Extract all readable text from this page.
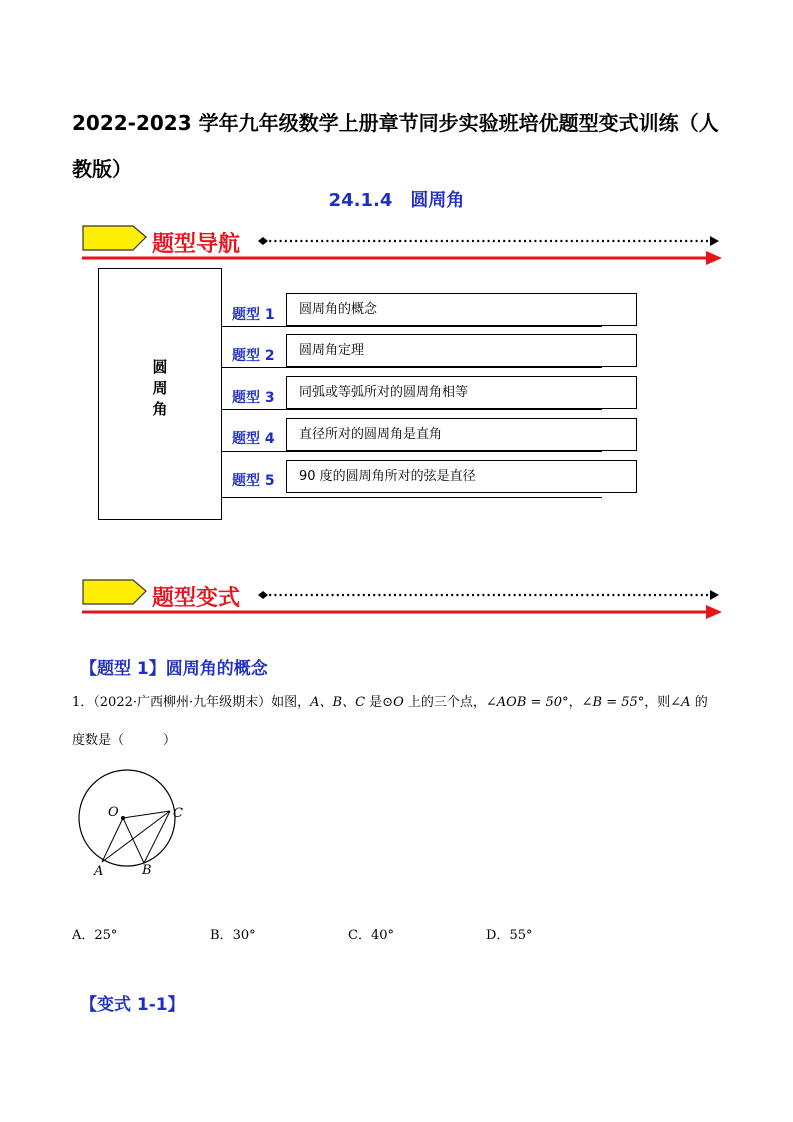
2022-2023 学年九年级数学上册章节同步实验班培优题型变式训练（人教版）
24.1.4　圆周角
题型导航
圆
周
角
题型 1	圆周角的概念
题型 2	圆周角定理
题型 3	同弧或等弧所对的圆周角相等
题型 4	直径所对的圆周角是直角
题型 5	90 度的圆周角所对的弦是直径
题型变式
【题型 1】圆周角的概念
1．（2022·广西柳州·九年级期末）如图，A、B、C 是⊙O 上的三个点，∠AOB = 50°，∠B = 55°，则∠A 的
度数是（　　　）
O	C
A	B
A．25°	B．30°	C．40°	D．55°
【变式 1-1】
